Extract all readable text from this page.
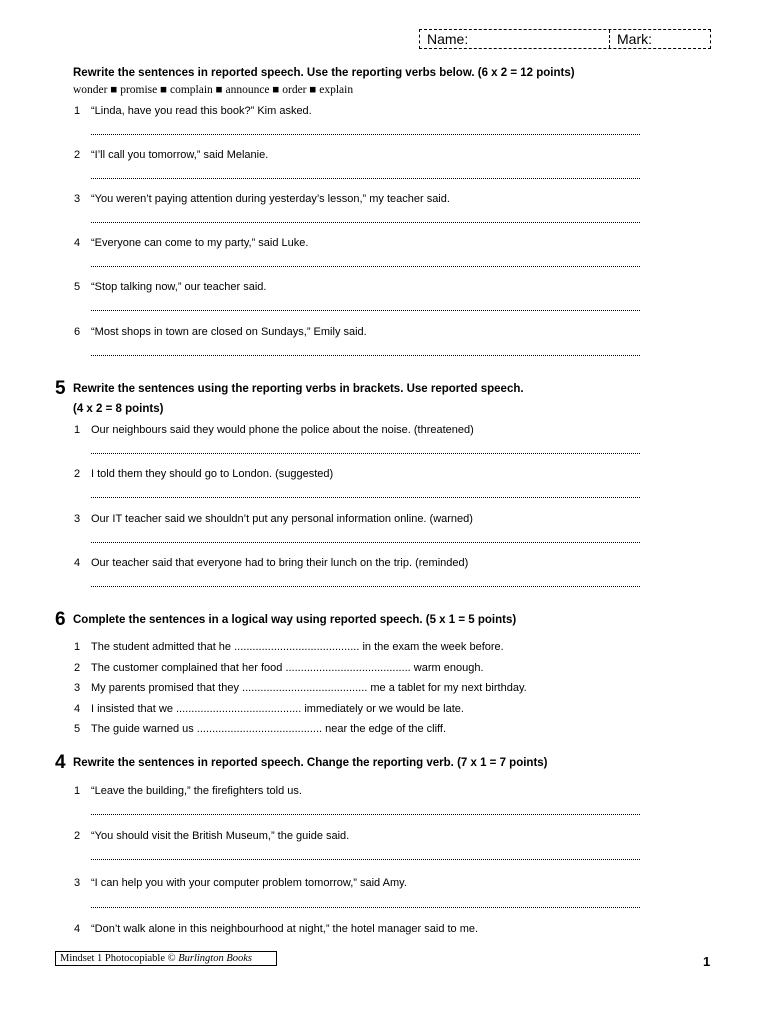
Name:	Mark:
Rewrite the sentences in reported speech. Use the reporting verbs below. (6 x 2 = 12 points)
wonder ■ promise ■ complain ■ announce ■ order ■ explain
1 “Linda, have you read this book?” Kim asked.
2 “I’ll call you tomorrow,” said Melanie.
3 “You weren’t paying attention during yesterday’s lesson,” my teacher said.
4 “Everyone can come to my party,” said Luke.
5 “Stop talking now,” our teacher said.
6 “Most shops in town are closed on Sundays,” Emily said.
5 Rewrite the sentences using the reporting verbs in brackets. Use reported speech.
(4 x 2 = 8 points)
1 Our neighbours said they would phone the police about the noise. (threatened)
2 I told them they should go to London. (suggested)
3 Our IT teacher said we shouldn’t put any personal information online. (warned)
4 Our teacher said that everyone had to bring their lunch on the trip. (reminded)
6 Complete the sentences in a logical way using reported speech. (5 x 1 = 5 points)
1 The student admitted that he ......................................... in the exam the week before.
2 The customer complained that her food ......................................... warm enough.
3 My parents promised that they ......................................... me a tablet for my next birthday.
4 I insisted that we ......................................... immediately or we would be late.
5 The guide warned us ......................................... near the edge of the cliff.
4 Rewrite the sentences in reported speech. Change the reporting verb. (7 x 1 = 7 points)
1 “Leave the building,” the firefighters told us.
2 “You should visit the British Museum,” the guide said.
3 “I can help you with your computer problem tomorrow,” said Amy.
4 “Don’t walk alone in this neighbourhood at night,” the hotel manager said to me.
Mindset 1 Photocopiable © Burlington Books	1
